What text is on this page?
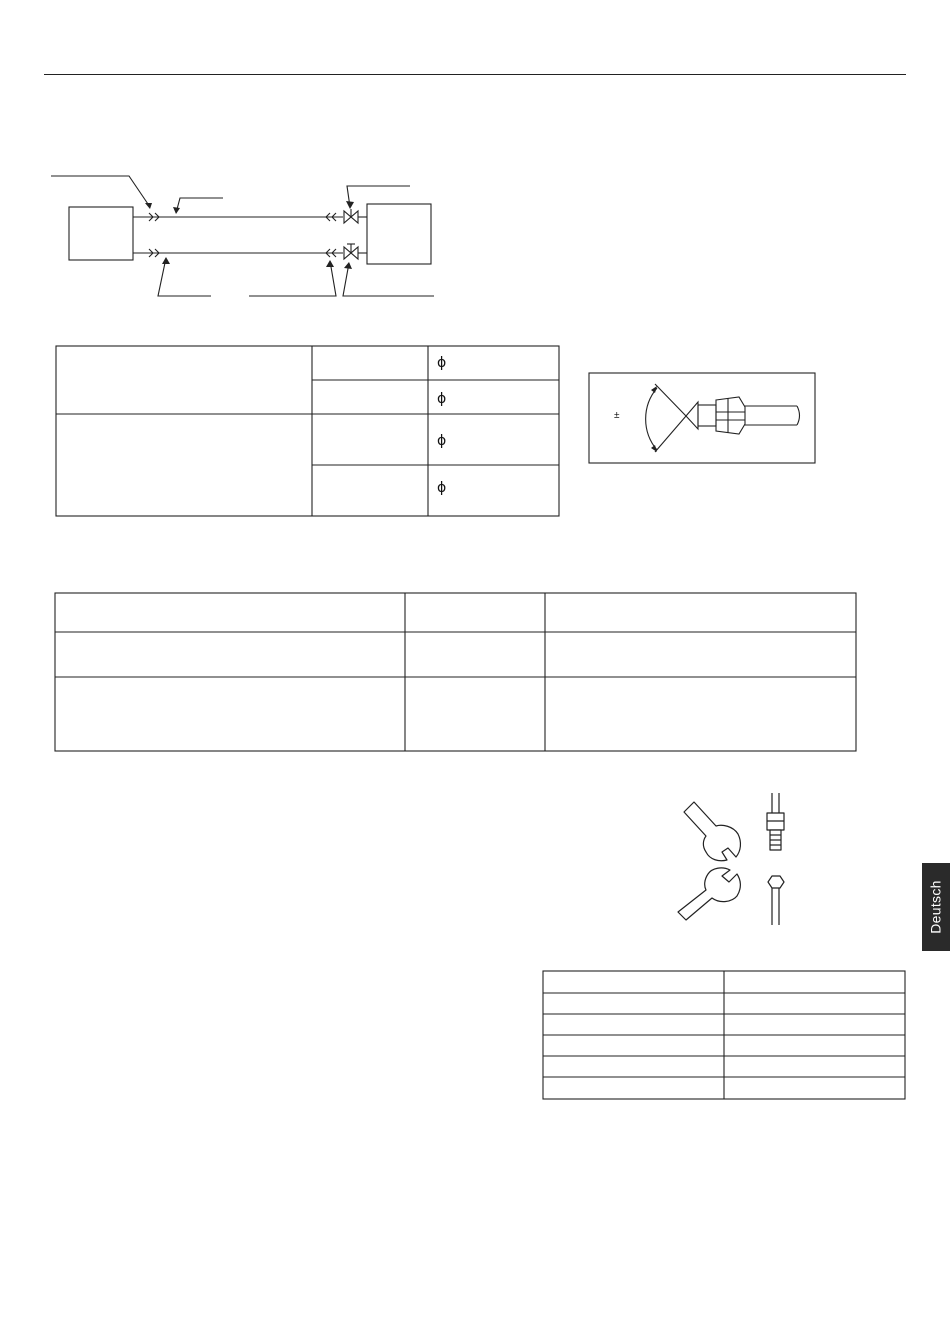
ϕ
ϕ
ϕ
ϕ
±
Deutsch
